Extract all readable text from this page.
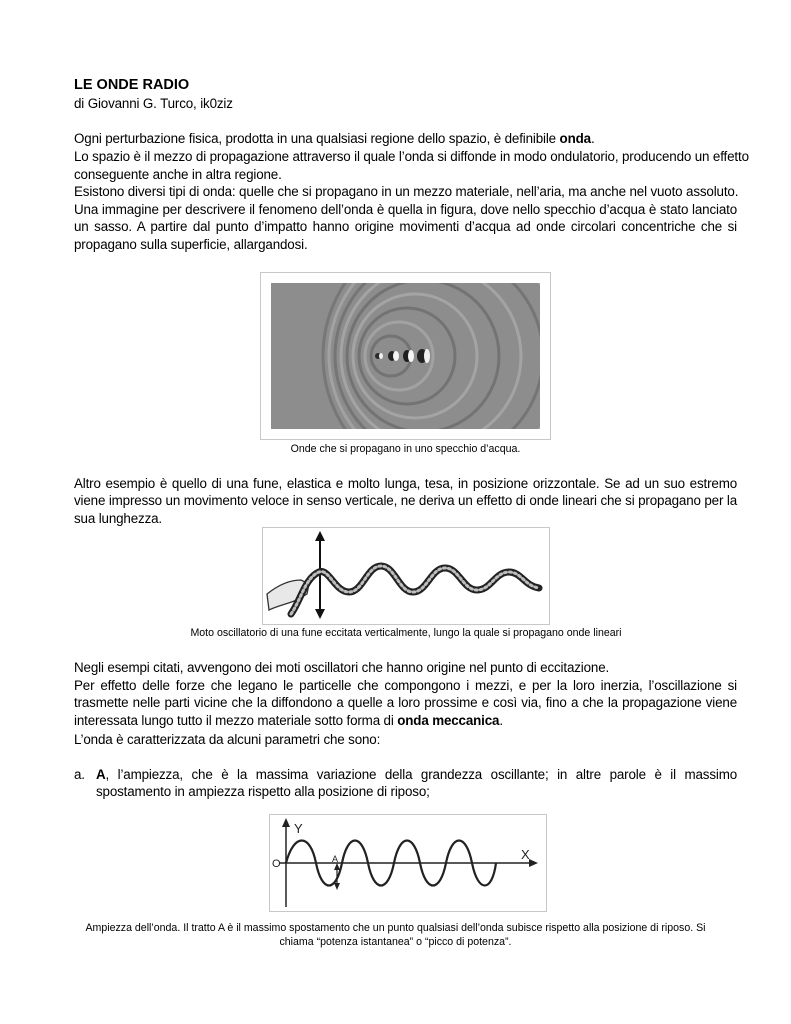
LE ONDE RADIO
di Giovanni G. Turco, ik0ziz
Ogni perturbazione fisica, prodotta in una qualsiasi regione dello spazio, è definibile onda.
Lo spazio è il mezzo di propagazione attraverso il quale l’onda si diffonde in modo ondulatorio, producendo un effetto
conseguente anche in altra regione.
Esistono diversi tipi di onda: quelle che si propagano in un mezzo materiale, nell’aria, ma anche nel vuoto assoluto.
Una immagine per descrivere il fenomeno dell’onda è quella in figura, dove nello specchio d’acqua è stato lanciato un sasso. A partire dal punto d’impatto hanno origine movimenti d’acqua ad onde circolari concentriche che si propagano sulla superficie, allargandosi.
Onde che si propagano in uno specchio d’acqua.
Altro esempio è quello di una fune, elastica e molto lunga, tesa, in posizione orizzontale. Se ad un suo estremo viene impresso un movimento veloce in senso verticale, ne deriva un effetto di onde lineari che si propagano per la sua lunghezza.
Moto oscillatorio di una fune eccitata verticalmente, lungo la quale si propagano onde lineari
Negli esempi citati, avvengono dei moti oscillatori che hanno origine nel punto di eccitazione.
Per effetto delle forze che legano le particelle che compongono i mezzi, e per la loro inerzia, l’oscillazione si trasmette nelle parti vicine che la diffondono a quelle a loro prossime e così via, fino a che la propagazione viene interessata lungo tutto il mezzo materiale sotto forma di onda meccanica.
L’onda è caratterizzata da alcuni parametri che sono:
a. A, l’ampiezza, che è la massima variazione della grandezza oscillante; in altre parole è il massimo spostamento in ampiezza rispetto alla posizione di riposo;
Y
X
O	A
Ampiezza dell’onda. Il tratto A è il massimo spostamento che un punto qualsiasi dell’onda subisce rispetto alla posizione di riposo. Si
chiama “potenza istantanea” o “picco di potenza”.
